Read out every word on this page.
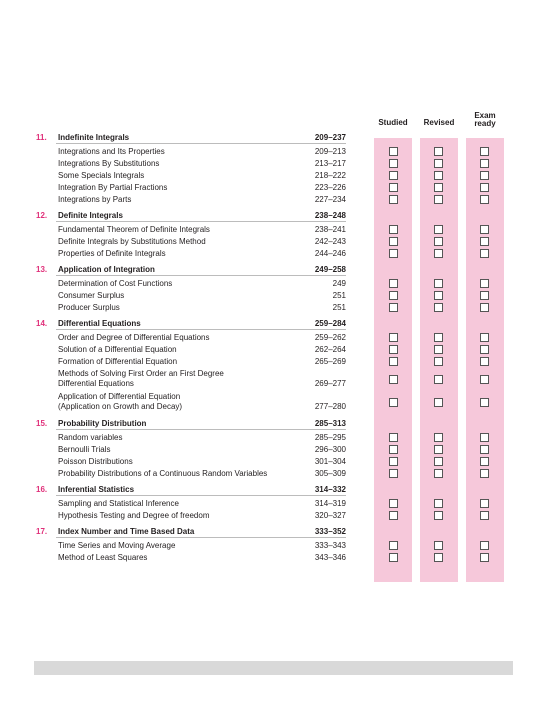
Studied	Revised
Exam
ready
11.	Indefinite Integrals	209–237
Integrations and Its Properties	209–213
Integrations By Substitutions	213–217
Some Specials Integrals	218–222
Integration By Partial Fractions	223–226
Integrations by Parts	227–234
12.	Definite Integrals	238–248
Fundamental Theorem of Definite Integrals	238–241
Definite Integrals by Substitutions Method	242–243
Properties of Definite Integrals	244–246
13.	Application of Integration	249–258
Determination of Cost Functions	249
Consumer Surplus	251
Producer Surplus	251
14.	Differential Equations	259–284
Order and Degree of Differential Equations	259–262
Solution of a Differential Equation	262–264
Formation of Differential Equation	265–269
Methods of Solving First Order an First Degree
Differential Equations	269–277
Application of Differential Equation
(Application on Growth and Decay)	277–280
15.	Probability Distribution	285–313
Random variables	285–295
Bernoulli Trials	296–300
Poisson Distributions	301–304
Probability Distributions of a Continuous Random Variables	305–309
16.	Inferential Statistics	314–332
Sampling and Statistical Inference	314–319
Hypothesis Testing and Degree of freedom	320–327
17.	Index Number and Time Based Data	333–352
Time Series and Moving Average	333–343
Method of Least Squares	343–346
